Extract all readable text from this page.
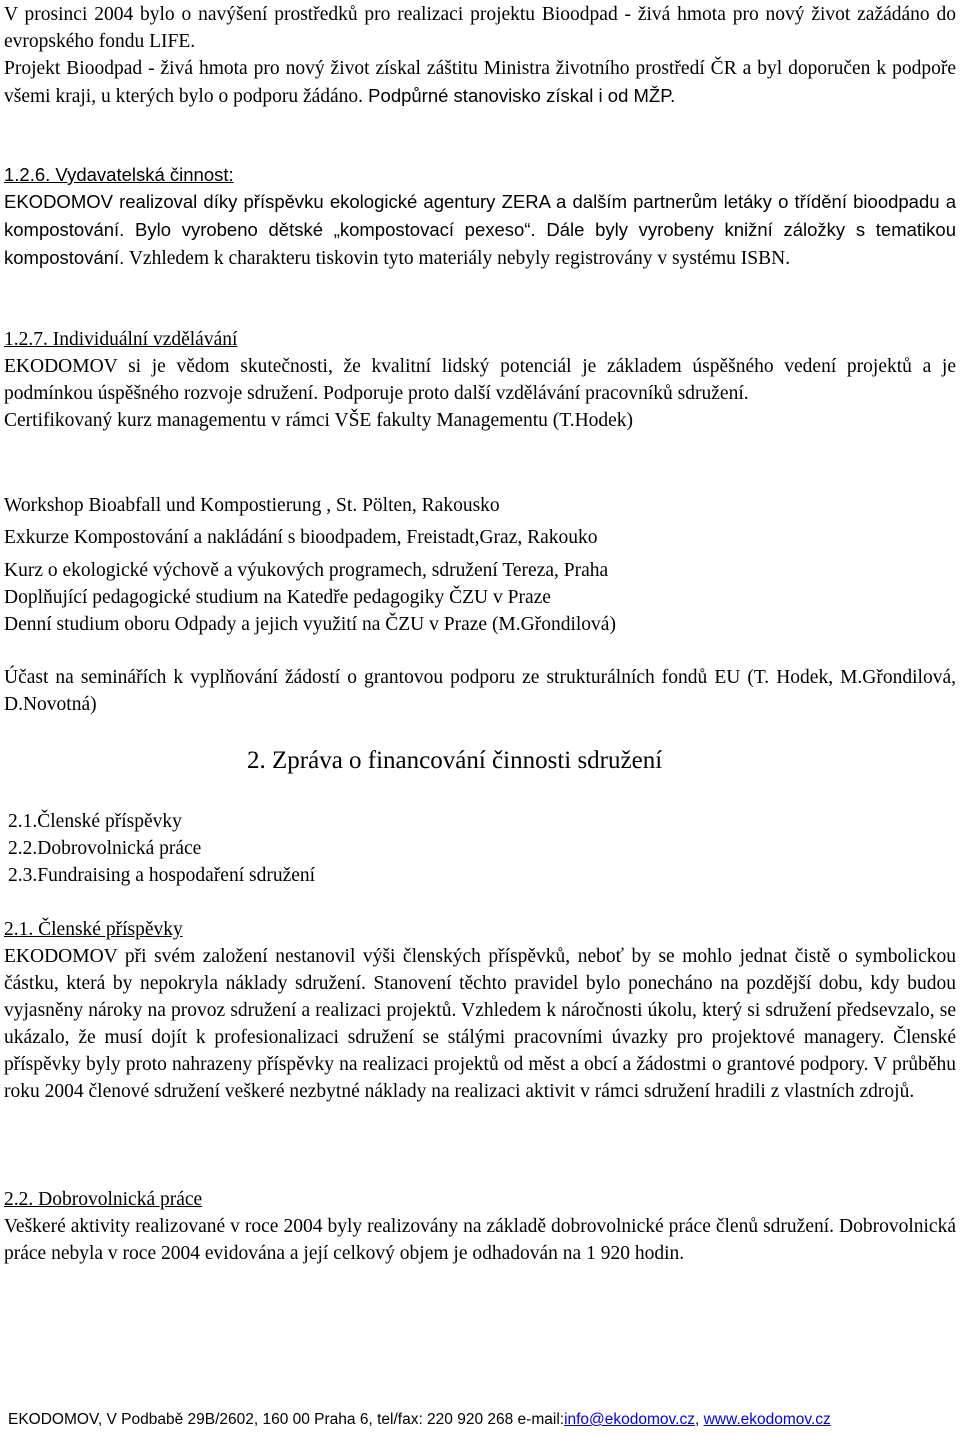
V prosinci 2004 bylo o navýšení prostředků pro realizaci projektu Bioodpad - živá hmota pro nový život zažádáno do evropského fondu LIFE.

Projekt Bioodpad - živá hmota pro nový život získal záštitu Ministra životního prostředí ČR a byl doporučen k podpoře všemi kraji, u kterých bylo o podporu žádáno. Podpůrné stanovisko získal i od MŽP.

1.2.6. Vydavatelská činnost:

EKODOMOV realizoval díky příspěvku ekologické agentury ZERA a dalším partnerům letáky o třídění bioodpadu a kompostování. Bylo vyrobeno dětské „kompostovací pexeso“. Dále byly vyrobeny knižní záložky s tematikou kompostování. Vzhledem k charakteru tiskovin tyto materiály nebyly registrovány v systému ISBN.

1.2.7. Individuální vzdělávání

EKODOMOV si je vědom skutečnosti, že kvalitní lidský potenciál je základem úspěšného vedení projektů a je podmínkou úspěšného rozvoje sdružení. Podporuje proto další vzdělávání pracovníků sdružení.

Certifikovaný kurz managementu v rámci VŠE fakulty Managementu (T.Hodek)

Workshop Bioabfall und Kompostierung , St. Pölten, Rakousko
Exkurze Kompostování a nakládání s bioodpadem, Freistadt,Graz, Rakouko
Kurz o ekologické výchově a výukových programech, sdružení Tereza, Praha
Doplňující pedagogické studium na Katedře pedagogiky ČZU v Praze
Denní studium oboru Odpady a jejich využití na ČZU v Praze (M.Gřondilová)

Účast na seminářích k vyplňování žádostí o grantovou podporu ze strukturálních fondů EU (T. Hodek, M.Gřondilová, D.Novotná)

2. Zpráva o financování činnosti sdružení

2.1.Členské příspěvky

2.2.Dobrovolnická práce

2.3.Fundraising a hospodaření sdružení

2.1. Členské příspěvky

EKODOMOV při svém založení nestanovil výši členských příspěvků, neboť by se mohlo jednat čistě o symbolickou částku, která by nepokryla náklady sdružení. Stanovení těchto pravidel bylo ponecháno na pozdější dobu, kdy budou vyjasněny nároky na provoz sdružení a realizaci projektů. Vzhledem k náročnosti úkolu, který si sdružení předsevzalo, se ukázalo, že musí dojít k profesionalizaci sdružení se stálými pracovními úvazky pro projektové managery. Členské příspěvky byly proto nahrazeny příspěvky na realizaci projektů od měst a obcí a žádostmi o grantové podpory. V průběhu roku 2004 členové sdružení veškeré nezbytné náklady na realizaci aktivit v rámci sdružení hradili z vlastních zdrojů.

2.2. Dobrovolnická práce

Veškeré aktivity realizované v roce 2004 byly realizovány na základě dobrovolnické práce členů sdružení. Dobrovolnická práce nebyla v roce 2004 evidována a její celkový objem je odhadován na 1 920 hodin.

EKODOMOV, V Podbabě 29B/2602, 160 00 Praha 6, tel/fax: 220 920 268 e-mail:info@ekodomov.cz, www.ekodomov.cz
